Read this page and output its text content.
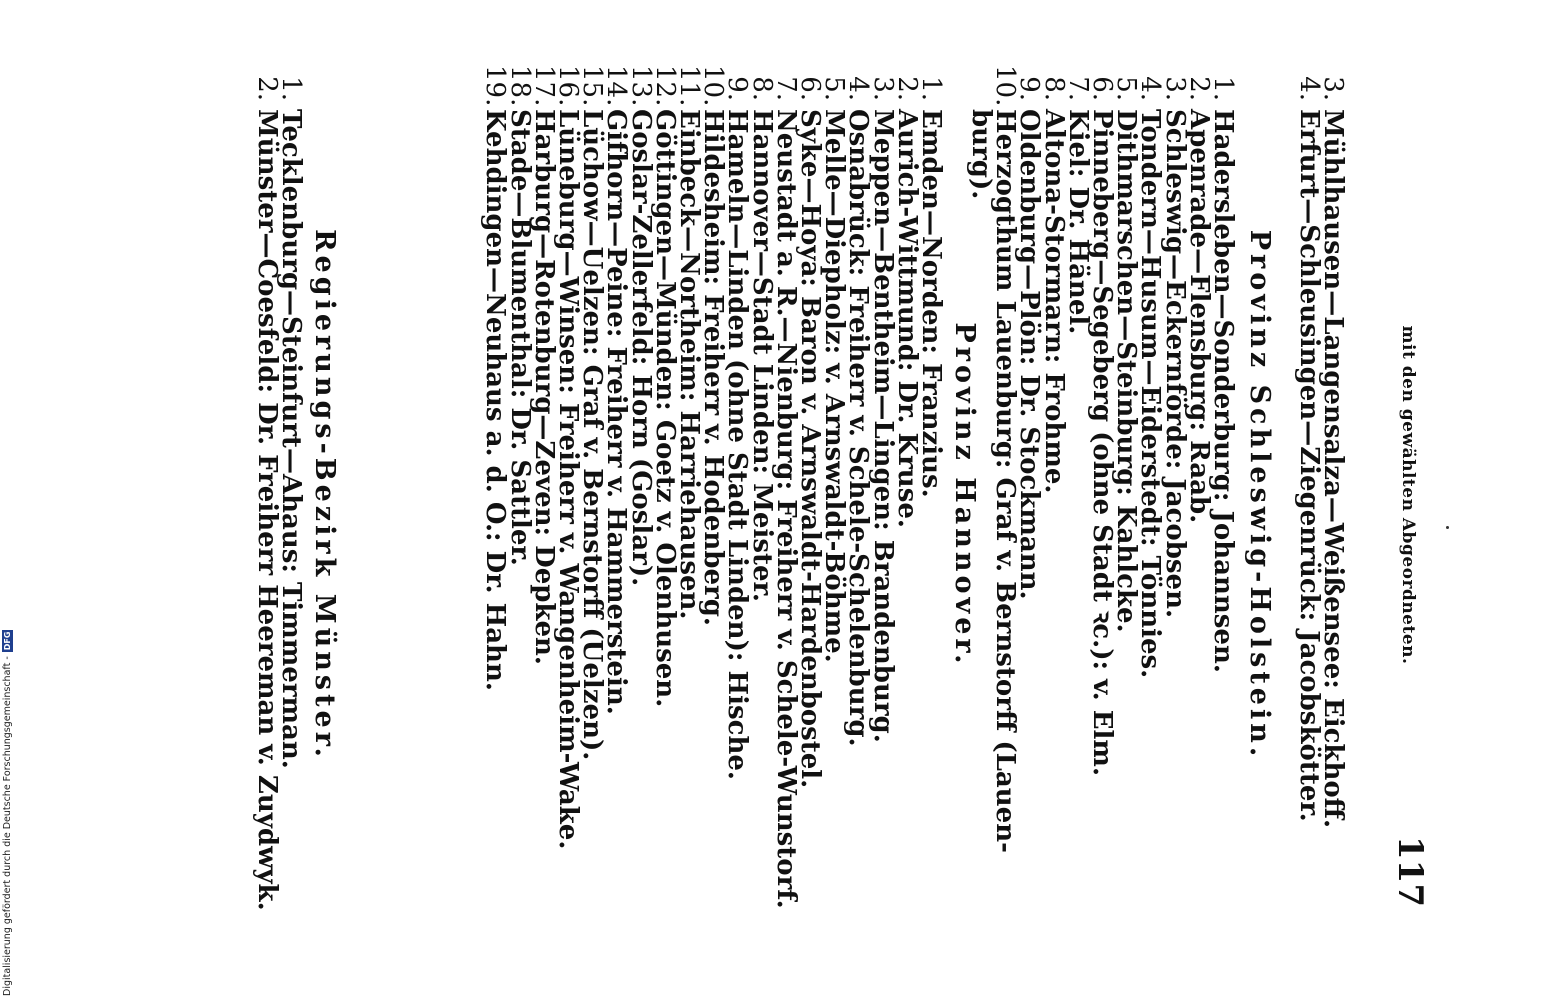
mit den gewählten Abgeordneten.
117
3.
Mühlhausen—Langensalza—Weißensee: Eickhoff.
4.
Erfurt—Schleusingen—Ziegenrück: Jacobskötter.
Provinz Schleswig-Holstein.
1.
Hadersleben—Sonderburg: Johannsen.
2.
Apenrade—Flensburg: Raab.
3.
Schleswig—Eckernförde: Jacobsen.
4.
Tondern—Husum—Eiderstedt: Tönnies.
5.
Dithmarschen—Steinburg: Kahlcke.
6.
Pinneberg—Segeberg (ohne Stadt ꝛc.): v. Elm.
7.
Kiel: Dr. Hänel.
8.
Altona-Stormarn: Frohme.
9.
Oldenburg—Plön: Dr. Stockmann.
10.
Herzogthum Lauenburg: Graf v. Bernstorff (Lauen-
burg).
Provinz Hannover.
1.
Emden—Norden: Franzius.
2.
Aurich-Wittmund: Dr. Kruse.
3.
Meppen—Bentheim—Lingen: Brandenburg.
4.
Osnabrück: Freiherr v. Schele-Schelenburg.
5.
Melle—Diepholz: v. Arnswaldt-Böhme.
6.
Syke—Hoya: Baron v. Arnswaldt-Hardenbostel.
7.
Neustadt a. R.—Nienburg: Freiherr v. Schele-Wunstorf.
8.
Hannover—Stadt Linden: Meister.
9.
Hameln—Linden (ohne Stadt Linden): Hische.
10.
Hildesheim: Freiherr v. Hodenberg.
11.
Einbeck—Northeim: Harriehausen.
12.
Göttingen—Münden: Goetz v. Olenhusen.
13.
Goslar-Zellerfeld: Horn (Goslar).
14.
Gifhorn—Peine: Freiherr v. Hammerstein.
15.
Lüchow—Uelzen: Graf v. Bernstorff (Uelzen).
16.
Lüneburg—Winsen: Freiherr v. Wangenheim-Wake.
17.
Harburg—Rotenburg—Zeven: Depken.
18.
Stade—Blumenthal: Dr. Sattler.
19.
Kehdingen—Neuhaus a. d. O.: Dr. Hahn.
Regierungs-Bezirk Münster.
1.
Tecklenburg—Steinfurt—Ahaus: Timmerman.
2.
Münster—Coesfeld: Dr. Freiherr Heereman v. Zuydwyk.
Digitalisierung gefördert durch die Deutsche Forschungsgemeinschaft -DFG
